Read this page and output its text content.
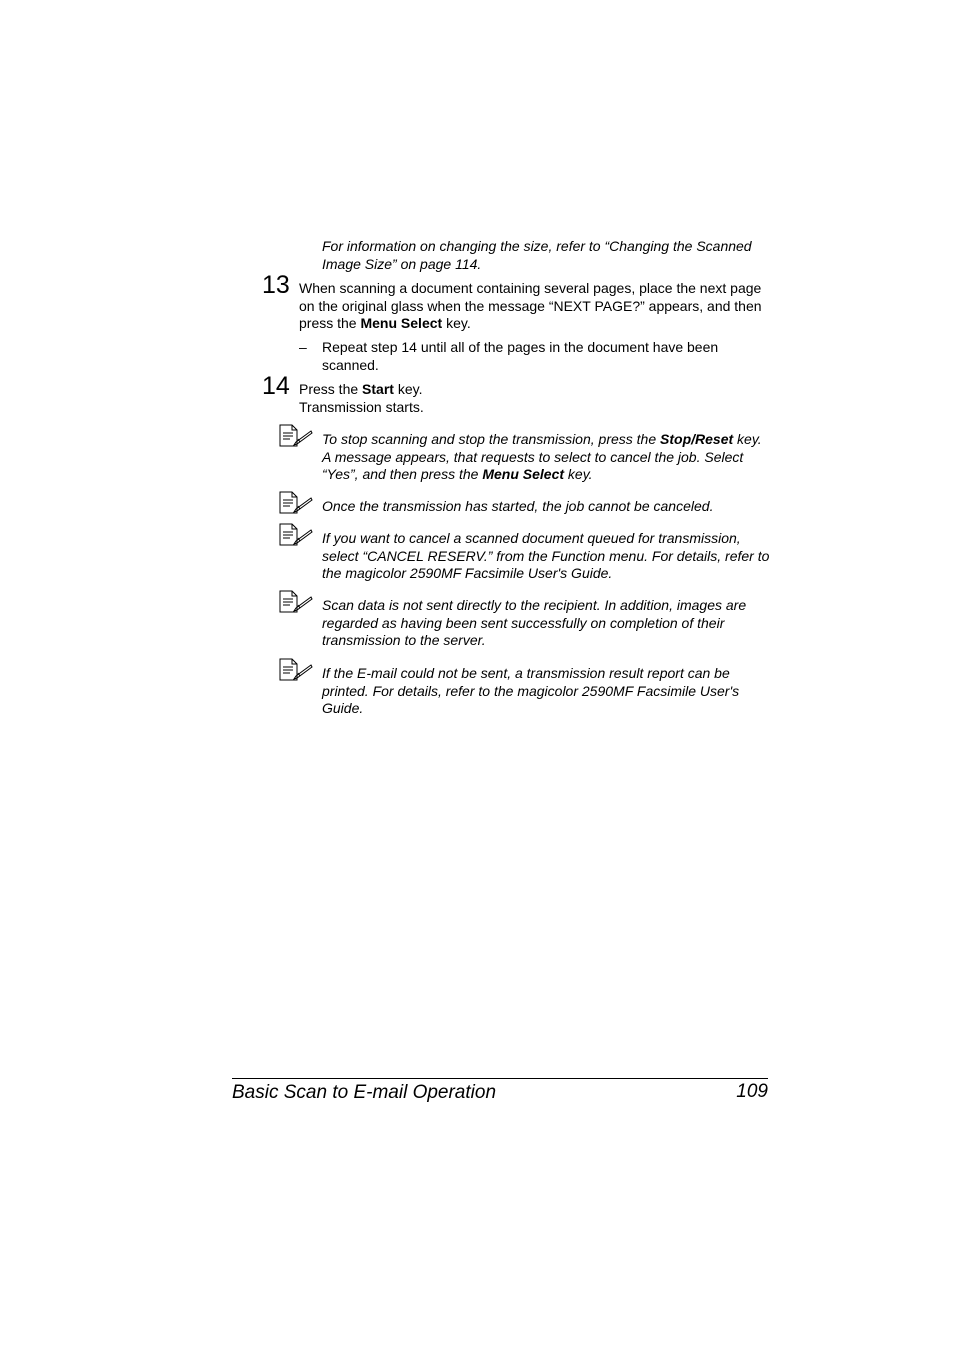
For information on changing the size, refer to “Changing the Scanned Image Size” on page 114.

13 When scanning a document containing several pages, place the next page on the original glass when the message “NEXT PAGE?” appears, and then press the Menu Select key.

– Repeat step 14 until all of the pages in the document have been scanned.

14 Press the Start key.

Transmission starts.

To stop scanning and stop the transmission, press the Stop/Reset key. A message appears, that requests to select to cancel the job. Select “Yes”, and then press the Menu Select key.

Once the transmission has started, the job cannot be canceled.

If you want to cancel a scanned document queued for transmission, select “CANCEL RESERV.” from the Function menu. For details, refer to the magicolor 2590MF Facsimile User's Guide.

Scan data is not sent directly to the recipient. In addition, images are regarded as having been sent successfully on completion of their transmission to the server.

If the E-mail could not be sent, a transmission result report can be printed. For details, refer to the magicolor 2590MF Facsimile User's Guide.

Basic Scan to E-mail Operation	109
